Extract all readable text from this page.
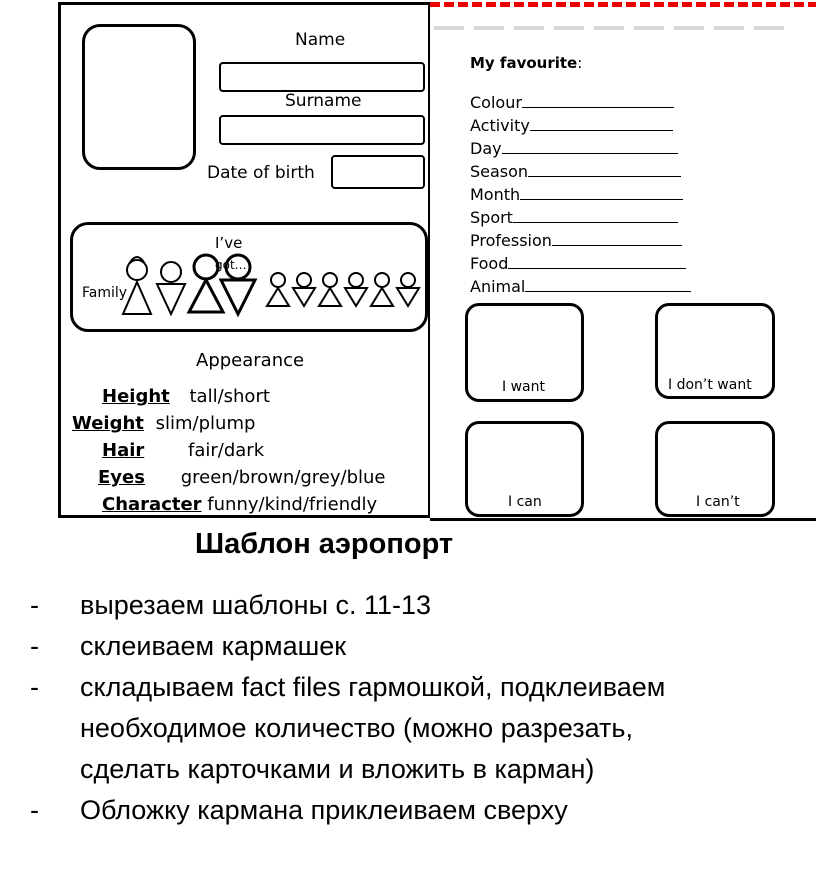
Name
Surname
Date of birth
I’ve
got…
Family
Appearance
Height tall/short
Weight slim/plump
Hair fair/dark
Eyes green/brown/grey/blue
Character funny/kind/friendly
My favourite:
Colour
Activity
Day
Season
Month
Sport
Profession
Food
Animal
I want	I don’t want
I can	I can’t
Шаблон аэропорт
- вырезаем шаблоны с. 11-13
- склеиваем кармашек
- складываем fact files гармошкой, подклеиваем необходимое количество (можно разрезать, сделать карточками и вложить в карман)
- Обложку кармана приклеиваем сверху
